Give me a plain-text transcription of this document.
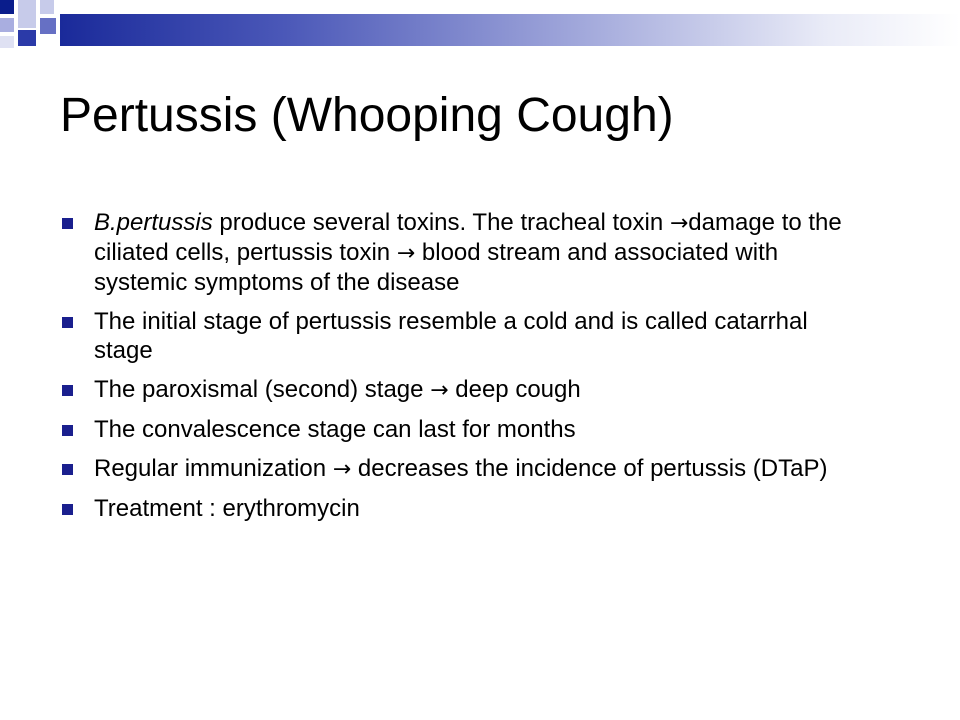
Pertussis (Whooping Cough)
B.pertussis produce several toxins. The tracheal toxin →damage to the ciliated cells, pertussis toxin → blood stream and associated with systemic symptoms of the disease
The initial stage of pertussis resemble a cold and is called catarrhal stage
The paroxismal (second) stage → deep cough
The convalescence stage can last for months
Regular immunization → decreases the incidence of pertussis (DTaP)
Treatment : erythromycin
